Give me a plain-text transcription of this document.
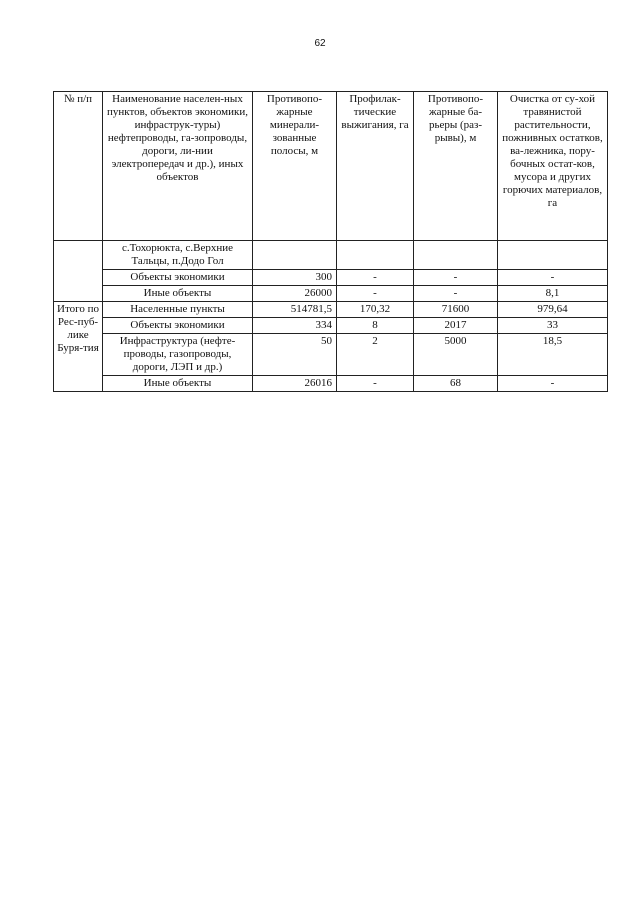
62
№ п/п	Наименование населен-ных пунктов, объектов экономики, инфраструк-туры) нефтепроводы, га-зопроводы, дороги, ли-нии электропередач и др.), иных объектов	Противопо-жарные минерали-зованные полосы, м	Профилак-тические выжигания, га	Противопо-жарные ба-рьеры (раз-рывы), м	Очистка от су-хой травянистой растительности, пожнивных остатков, ва-лежника, пору-бочных остат-ков, мусора и других горючих материалов, га
	с.Тохорюкта, с.Верхние Тальцы, п.Додо Гол				
	Объекты экономики	300	-	-	-
	Иные объекты	26000	-	-	8,1
Итого по Рес-пуб-лике Буря-тия	Населенные пункты	514781,5	170,32	71600	979,64
	Объекты экономики	334	8	2017	33
	Инфраструктура (нефте-проводы, газопроводы, дороги, ЛЭП и др.)	50	2	5000	18,5
	Иные объекты	26016	-	68	-
